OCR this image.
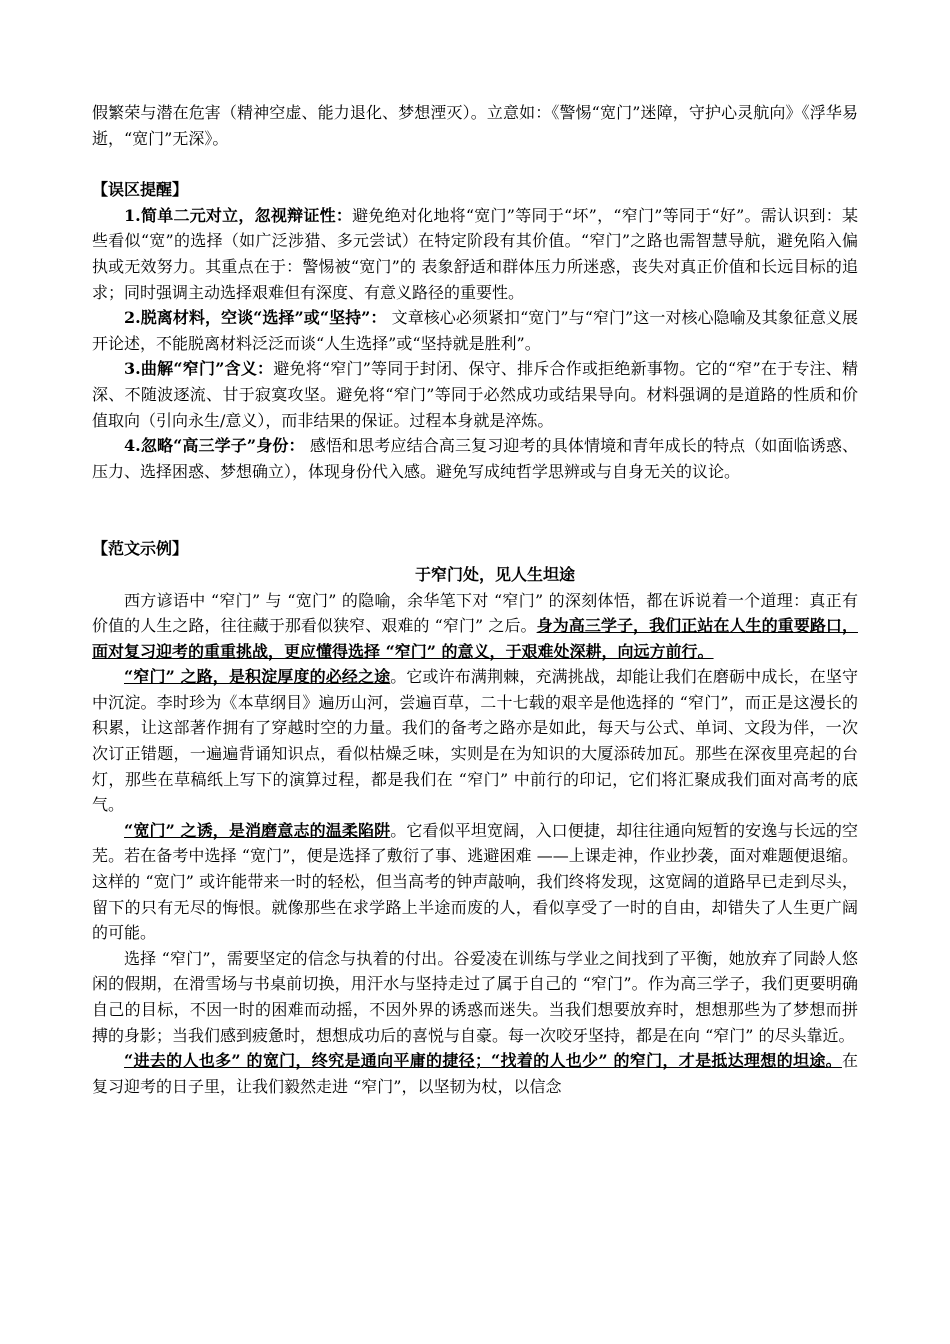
假繁荣与潜在危害（精神空虚、能力退化、梦想湮灭）。立意如：《警惕“宽门”迷障，守护心灵航向》《浮华易逝，“宽门”无深》。

【误区提醒】

1.简单二元对立，忽视辩证性：避免绝对化地将“宽门”等同于“坏”，“窄门”等同于“好”。需认识到：某些看似“宽”的选择（如广泛涉猎、多元尝试）在特定阶段有其价值。“窄门”之路也需智慧导航，避免陷入偏执或无效努力。其重点在于：警惕被“宽门”的 表象舒适和群体压力所迷惑，丧失对真正价值和长远目标的追求；同时强调主动选择艰难但有深度、有意义路径的重要性。

2.脱离材料，空谈“选择”或“坚持”： 文章核心必须紧扣“宽门”与“窄门”这一对核心隐喻及其象征意义展开论述，不能脱离材料泛泛而谈“人生选择”或“坚持就是胜利”。

3.曲解“窄门”含义：避免将“窄门”等同于封闭、保守、排斥合作或拒绝新事物。它的“窄”在于专注、精深、不随波逐流、甘于寂寞攻坚。避免将“窄门”等同于必然成功或结果导向。材料强调的是道路的性质和价值取向（引向永生/意义），而非结果的保证。过程本身就是淬炼。

4.忽略“高三学子”身份： 感悟和思考应结合高三复习迎考的具体情境和青年成长的特点（如面临诱惑、压力、选择困惑、梦想确立），体现身份代入感。避免写成纯哲学思辨或与自身无关的议论。

【范文示例】
于窄门处，见人生坦途

西方谚语中 “窄门” 与 “宽门” 的隐喻，余华笔下对 “窄门” 的深刻体悟，都在诉说着一个道理：真正有价值的人生之路，往往藏于那看似狭窄、艰难的 “窄门” 之后。身为高三学子，我们正站在人生的重要路口，面对复习迎考的重重挑战，更应懂得选择 “窄门” 的意义，于艰难处深耕，向远方前行。

“窄门” 之路，是积淀厚度的必经之途。它或许布满荆棘，充满挑战，却能让我们在磨砺中成长，在坚守中沉淀。李时珍为《本草纲目》遍历山河，尝遍百草，二十七载的艰辛是他选择的 “窄门”，而正是这漫长的积累，让这部著作拥有了穿越时空的力量。我们的备考之路亦是如此，每天与公式、单词、文段为伴，一次次订正错题，一遍遍背诵知识点，看似枯燥乏味，实则是在为知识的大厦添砖加瓦。那些在深夜里亮起的台灯，那些在草稿纸上写下的演算过程，都是我们在 “窄门” 中前行的印记，它们将汇聚成我们面对高考的底气。

“宽门” 之诱，是消磨意志的温柔陷阱。它看似平坦宽阔，入口便捷，却往往通向短暂的安逸与长远的空芜。若在备考中选择 “宽门”，便是选择了敷衍了事、逃避困难 ——上课走神，作业抄袭，面对难题便退缩。这样的 “宽门” 或许能带来一时的轻松，但当高考的钟声敲响，我们终将发现，这宽阔的道路早已走到尽头，留下的只有无尽的悔恨。就像那些在求学路上半途而废的人，看似享受了一时的自由，却错失了人生更广阔的可能。

选择 “窄门”，需要坚定的信念与执着的付出。谷爱凌在训练与学业之间找到了平衡，她放弃了同龄人悠闲的假期，在滑雪场与书桌前切换，用汗水与坚持走过了属于自己的 “窄门”。作为高三学子，我们更要明确自己的目标，不因一时的困难而动摇，不因外界的诱惑而迷失。当我们想要放弃时，想想那些为了梦想而拼搏的身影；当我们感到疲惫时，想想成功后的喜悦与自豪。每一次咬牙坚持，都是在向 “窄门” 的尽头靠近。

“进去的人也多” 的宽门，终究是通向平庸的捷径；“找着的人也少” 的窄门，才是抵达理想的坦途。在复习迎考的日子里，让我们毅然走进 “窄门”，以坚韧为杖，以信念
